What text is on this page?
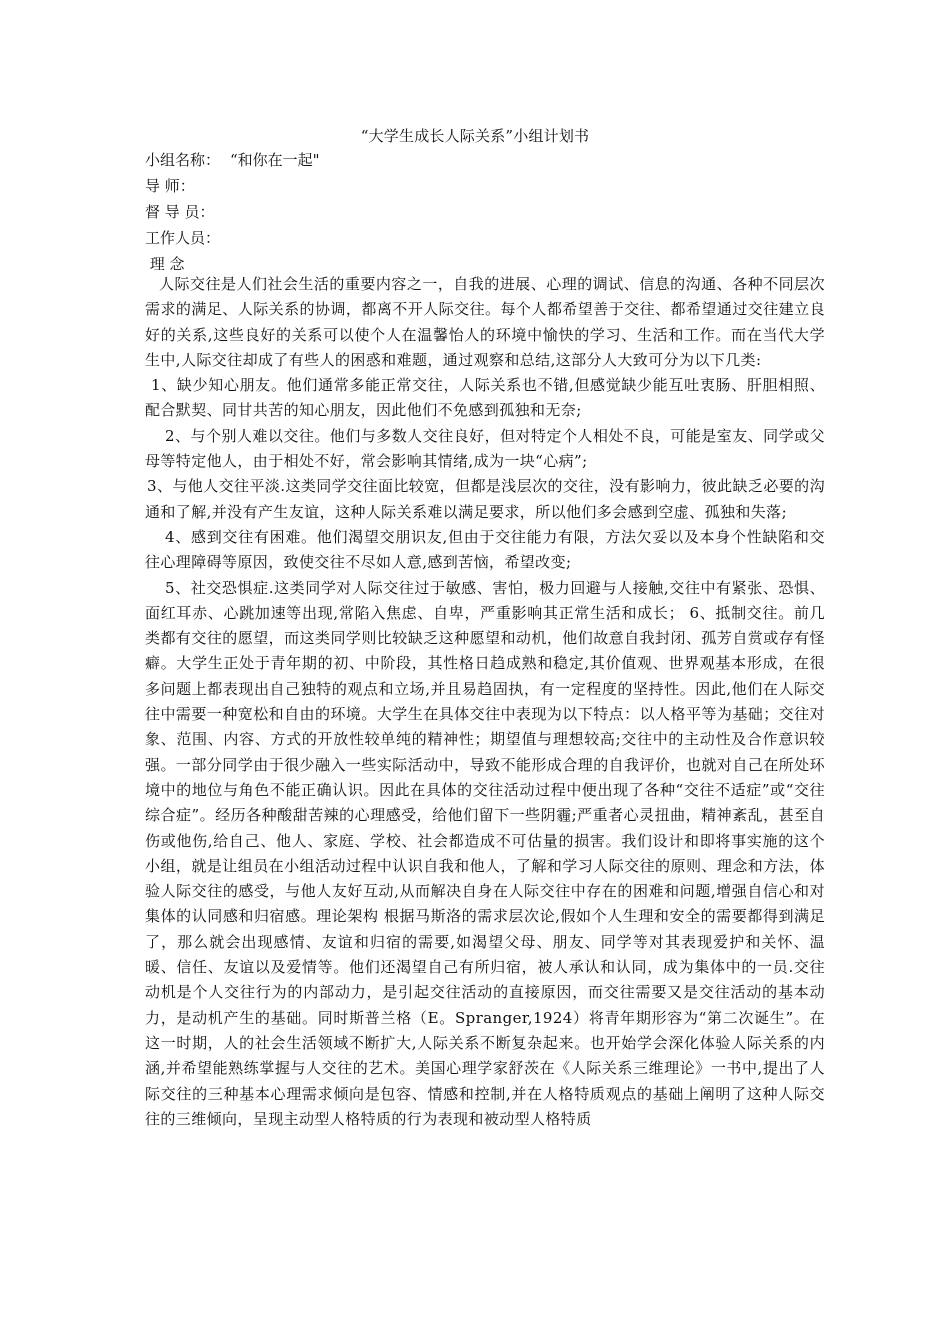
“大学生成长人际关系”小组计划书
小组名称： “和你在一起"
导 师：
督 导 员：
工作人员：
理 念

人际交往是人们社会生活的重要内容之一，自我的进展、心理的调试、信息的沟通、各种不同层次需求的满足、人际关系的协调，都离不开人际交往。每个人都希望善于交往、都希望通过交往建立良好的关系,这些良好的关系可以使个人在温馨怡人的环境中愉快的学习、生活和工作。而在当代大学生中,人际交往却成了有些人的困惑和难题，通过观察和总结,这部分人大致可分为以下几类:

1、缺少知心朋友。他们通常多能正常交往，人际关系也不错,但感觉缺少能互吐衷肠、肝胆相照、配合默契、同甘共苦的知心朋友，因此他们不免感到孤独和无奈;

2、与个别人难以交往。他们与多数人交往良好，但对特定个人相处不良，可能是室友、同学或父母等特定他人，由于相处不好，常会影响其情绪,成为一块“心病”;

3、与他人交往平淡.这类同学交往面比较宽，但都是浅层次的交往，没有影响力，彼此缺乏必要的沟通和了解,并没有产生友谊，这种人际关系难以满足要求，所以他们多会感到空虚、孤独和失落;

4、感到交往有困难。他们渴望交朋识友,但由于交往能力有限，方法欠妥以及本身个性缺陷和交往心理障碍等原因，致使交往不尽如人意,感到苦恼，希望改变;

5、社交恐惧症.这类同学对人际交往过于敏感、害怕，极力回避与人接触,交往中有紧张、恐惧、面红耳赤、心跳加速等出现,常陷入焦虑、自卑，严重影响其正常生活和成长； 6、抵制交往。前几类都有交往的愿望，而这类同学则比较缺乏这种愿望和动机，他们故意自我封闭、孤芳自赏或存有怪癖。大学生正处于青年期的初、中阶段，其性格日趋成熟和稳定,其价值观、世界观基本形成，在很多问题上都表现出自己独特的观点和立场,并且易趋固执，有一定程度的坚持性。因此,他们在人际交往中需要一种宽松和自由的环境。大学生在具体交往中表现为以下特点：以人格平等为基础；交往对象、范围、内容、方式的开放性较单纯的精神性；期望值与理想较高;交往中的主动性及合作意识较强。一部分同学由于很少融入一些实际活动中，导致不能形成合理的自我评价，也就对自己在所处环境中的地位与角色不能正确认识。因此在具体的交往活动过程中便出现了各种“交往不适症”或“交往综合症”。经历各种酸甜苦辣的心理感受，给他们留下一些阴霾;严重者心灵扭曲，精神紊乱，甚至自伤或他伤,给自己、他人、家庭、学校、社会都造成不可估量的损害。我们设计和即将事实施的这个小组，就是让组员在小组活动过程中认识自我和他人，了解和学习人际交往的原则、理念和方法，体验人际交往的感受，与他人友好互动,从而解决自身在人际交往中存在的困难和问题,增强自信心和对集体的认同感和归宿感。理论架构 根据马斯洛的需求层次论,假如个人生理和安全的需要都得到满足了，那么就会出现感情、友谊和归宿的需要,如渴望父母、朋友、同学等对其表现爱护和关怀、温暖、信任、友谊以及爱情等。他们还渴望自己有所归宿，被人承认和认同，成为集体中的一员.交往动机是个人交往行为的内部动力，是引起交往活动的直接原因，而交往需要又是交往活动的基本动力，是动机产生的基础。同时斯普兰格（E。Spranger,1924）将青年期形容为“第二次诞生”。在这一时期，人的社会生活领域不断扩大,人际关系不断复杂起来。也开始学会深化体验人际关系的内涵,并希望能熟练掌握与人交往的艺术。美国心理学家舒茨在《人际关系三维理论》一书中,提出了人际交往的三种基本心理需求倾向是包容、情感和控制,并在人格特质观点的基础上阐明了这种人际交往的三维倾向，呈现主动型人格特质的行为表现和被动型人格特质
